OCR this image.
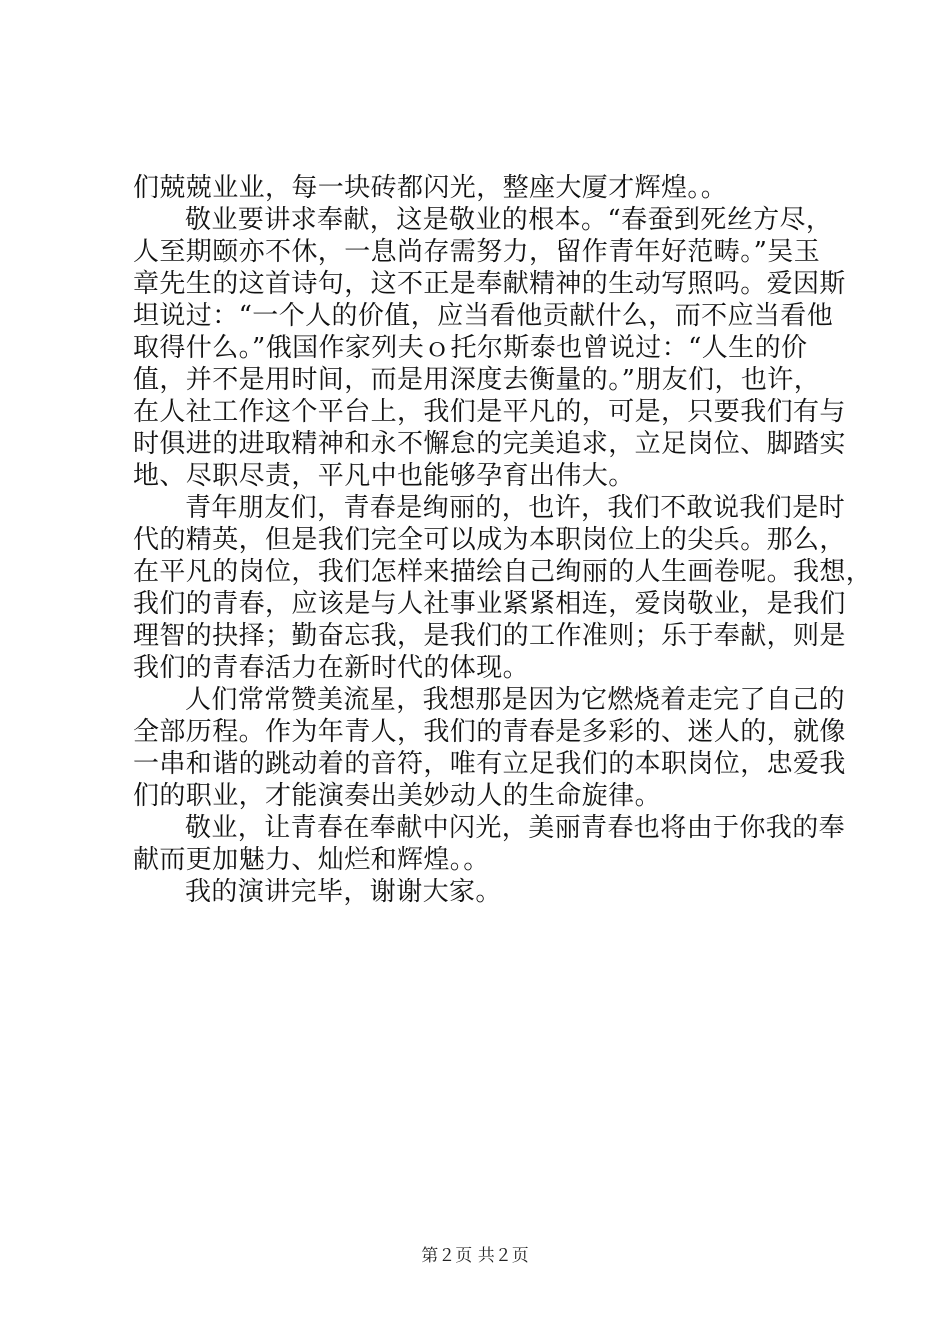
们兢兢业业，每一块砖都闪光，整座大厦才辉煌。。
敬业要讲求奉献，这是敬业的根本。“春蚕到死丝方尽，
人至期颐亦不休，一息尚存需努力，留作青年好范畴。”吴玉
章先生的这首诗句，这不正是奉献精神的生动写照吗。爱因斯
坦说过：“一个人的价值，应当看他贡献什么，而不应当看他
取得什么。”俄国作家列夫ｏ托尔斯泰也曾说过：“人生的价
值，并不是用时间，而是用深度去衡量的。”朋友们，也许，
在人社工作这个平台上，我们是平凡的，可是，只要我们有与
时俱进的进取精神和永不懈怠的完美追求，立足岗位、脚踏实
地、尽职尽责，平凡中也能够孕育出伟大。
青年朋友们，青春是绚丽的，也许，我们不敢说我们是时
代的精英，但是我们完全可以成为本职岗位上的尖兵。那么，
在平凡的岗位，我们怎样来描绘自己绚丽的人生画卷呢。我想，
我们的青春，应该是与人社事业紧紧相连，爱岗敬业，是我们
理智的抉择；勤奋忘我，是我们的工作准则；乐于奉献，则是
我们的青春活力在新时代的体现。
人们常常赞美流星，我想那是因为它燃烧着走完了自己的
全部历程。作为年青人，我们的青春是多彩的、迷人的，就像
一串和谐的跳动着的音符，唯有立足我们的本职岗位，忠爱我
们的职业，才能演奏出美妙动人的生命旋律。
敬业，让青春在奉献中闪光，美丽青春也将由于你我的奉
献而更加魅力、灿烂和辉煌。。
我的演讲完毕，谢谢大家。
第２页 共２页
